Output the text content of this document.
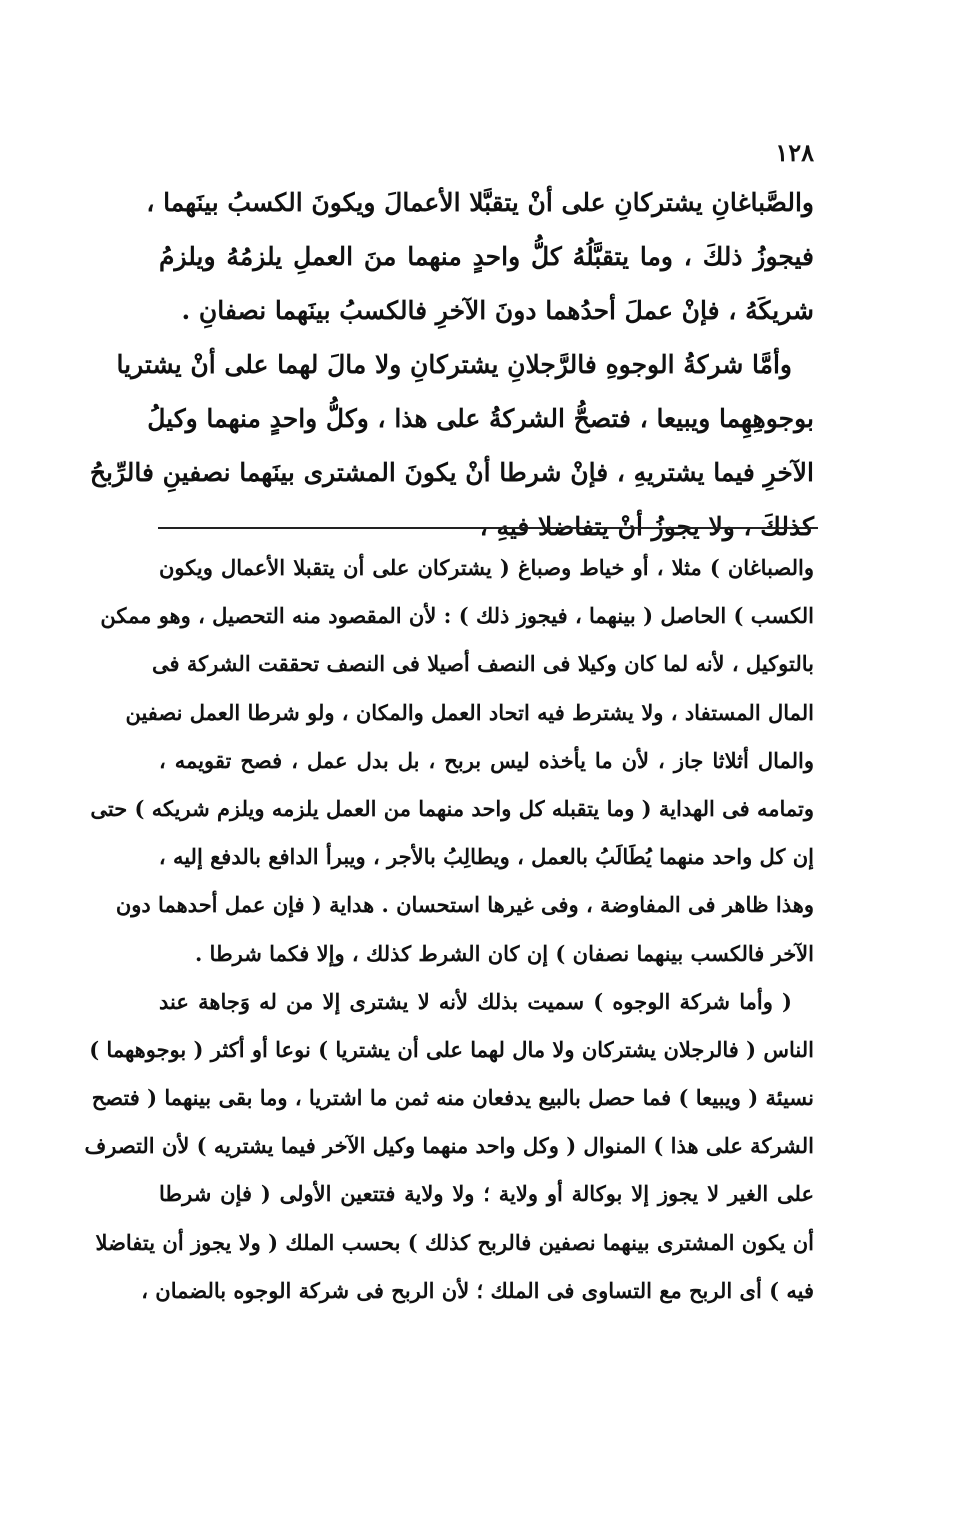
١٢٨
والصَّباغانِ يشتركانِ على أنْ يتقبَّلا الأعمالَ ويكونَ الكسبُ بينَهما ،
فيجوزُ ذلكَ ، وما يتقبَّلُهُ كلُّ واحدٍ منهما منَ العملِ يلزمُهُ ويلزمُ
شريكَهُ ، فإنْ عملَ أحدُهما دونَ الآخرِ فالكسبُ بينَهما نصفانِ .
وأمَّا شركةُ الوجوهِ فالرَّجلانِ يشتركانِ ولا مالَ لهما على أنْ يشتريا
بوجوهِهِما ويبيعا ، فتصحُّ الشركةُ على هذا ، وكلُّ واحدٍ منهما وكيلُ
الآخرِ فيما يشتريهِ ، فإنْ شرطا أنْ يكونَ المشترى بينَهما نصفينِ فالرِّبحُ
كذلكَ ، ولا يجوزُ أنْ يتفاضلا فيهِ ،
والصباغان ) مثلا ، أو خياط وصباغ ( يشتركان على أن يتقبلا الأعمال ويكون
الكسب ) الحاصل ( بينهما ، فيجوز ذلك ) : لأن المقصود منه التحصيل ، وهو ممكن
بالتوكيل ، لأنه لما كان وكيلا فى النصف أصيلا فى النصف تحققت الشركة فى
المال المستفاد ، ولا يشترط فيه اتحاد العمل والمكان ، ولو شرطا العمل نصفين
والمال أثلاثا جاز ، لأن ما يأخذه ليس بربح ، بل بدل عمل ، فصح تقويمه ،
وتمامه فى الهداية ( وما يتقبله كل واحد منهما من العمل يلزمه ويلزم شريكه ) حتى
إن كل واحد منهما يُطَالَبُ بالعمل ، ويطالِبُ بالأجر ، ويبرأ الدافع بالدفع إليه ،
وهذا ظاهر فى المفاوضة ، وفى غيرها استحسان . هداية ( فإن عمل أحدهما دون
الآخر فالكسب بينهما نصفان ) إن كان الشرط كذلك ، وإلا فكما شرطا .
( وأما شركة الوجوه ) سميت بذلك لأنه لا يشترى إلا من له وَجاهة عند
الناس ( فالرجلان يشتركان ولا مال لهما على أن يشتريا ) نوعا أو أكثر ( بوجوههما )
نسيئة ( ويبيعا ) فما حصل بالبيع يدفعان منه ثمن ما اشتريا ، وما بقى بينهما ( فتصح
الشركة على هذا ) المنوال ( وكل واحد منهما وكيل الآخر فيما يشتريه ) لأن التصرف
على الغير لا يجوز إلا بوكالة أو ولاية ؛ ولا ولاية فتتعين الأولى ( فإن شرطا
أن يكون المشترى بينهما نصفين فالربح كذلك ) بحسب الملك ( ولا يجوز أن يتفاضلا
فيه ) أى الربح مع التساوى فى الملك ؛ لأن الربح فى شركة الوجوه بالضمان ،
